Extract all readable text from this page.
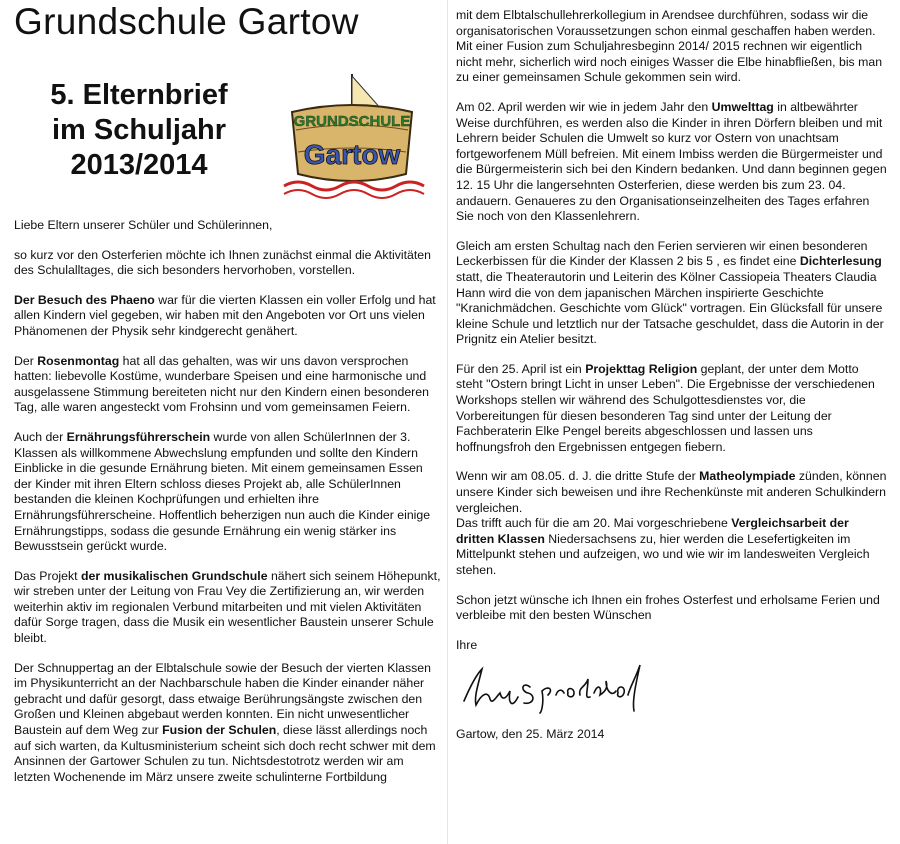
Grundschule Gartow

Liebe Eltern unserer Schüler und Schülerinnen,

so kurz vor den Osterferien möchte ich Ihnen zunächst einmal die Aktivitäten des Schulalltages, die sich besonders hervorhoben, vorstellen.

Der Besuch des Phaeno war für die vierten Klassen ein voller Erfolg und hat allen Kindern viel gegeben, wir haben mit den Angeboten vor Ort uns vielen Phänomenen der Physik sehr kindgerecht genähert.

Der Rosenmontag hat all das gehalten, was wir uns davon versprochen hatten: liebevolle Kostüme, wunderbare Speisen und eine harmonische und ausgelassene Stimmung bereiteten nicht nur den Kindern einen besonderen Tag, alle waren angesteckt vom Frohsinn und vom gemeinsamen Feiern.

Auch der Ernährungsführerschein wurde von allen SchülerInnen der 3. Klassen als willkommene Abwechslung empfunden und sollte den Kindern Einblicke in die gesunde Ernährung bieten. Mit einem gemeinsamen Essen der Kinder mit ihren Eltern schloss dieses Projekt ab, alle SchülerInnen bestanden die kleinen Kochprüfungen und erhielten ihre Ernährungsführerscheine. Hoffentlich beherzigen nun auch die Kinder einige Ernährungstipps, sodass die gesunde Ernährung ein wenig stärker ins Bewusstsein gerückt wurde.

Das Projekt der musikalischen Grundschule nähert sich seinem Höhepunkt, wir streben unter der Leitung von Frau Vey die Zertifizierung an, wir werden weiterhin aktiv im regionalen Verbund mitarbeiten und mit vielen Aktivitäten dafür Sorge tragen, dass die Musik ein wesentlicher Baustein unserer Schule bleibt.

Der Schnuppertag an der Elbtalschule sowie der Besuch der vierten Klassen im Physikunterricht an der Nachbarschule haben die Kinder einander näher gebracht und dafür gesorgt, dass etwaige Berührungsängste zwischen den Großen und Kleinen abgebaut werden konnten. Ein nicht unwesentlicher Baustein auf dem Weg zur Fusion der Schulen, diese lässt allerdings noch auf sich warten, da Kultusministerium scheint sich doch recht schwer mit dem Ansinnen der Gartower Schulen zu tun. Nichtsdestotrotz werden wir am letzten Wochenende im März unsere zweite schulinterne Fortbildung

5. Elternbrief
im Schuljahr
2013/2014
GRUNDSCHULE
Gartow

mit dem Elbtalschullehrerkollegium in Arendsee durchführen, sodass wir die organisatorischen Voraussetzungen schon einmal geschaffen haben werden. Mit einer Fusion zum Schuljahresbeginn 2014/ 2015 rechnen wir eigentlich nicht mehr, sicherlich wird noch einiges Wasser die Elbe hinabfließen, bis man zu einer gemeinsamen Schule gekommen sein wird.

Am 02. April werden wir wie in jedem Jahr den Umwelttag in altbewährter Weise durchführen, es werden also die Kinder in ihren Dörfern bleiben und mit Lehrern beider Schulen die Umwelt so kurz vor Ostern von unachtsam fortgeworfenem Müll befreien. Mit einem Imbiss werden die Bürgermeister und die Bürgermeisterin sich bei den Kindern bedanken. Und dann beginnen gegen 12. 15 Uhr die langersehnten Osterferien, diese werden bis zum 23. 04. andauern. Genaueres zu den Organisationseinzelheiten des Tages erfahren Sie noch von den Klassenlehrern.

Gleich am ersten Schultag nach den Ferien servieren wir einen besonderen Leckerbissen für die Kinder der Klassen 2 bis 5 , es findet eine Dichterlesung statt, die Theaterautorin und Leiterin des Kölner Cassiopeia Theaters Claudia Hann wird die von dem japanischen Märchen inspirierte Geschichte "Kranichmädchen. Geschichte vom Glück" vortragen. Ein Glücksfall für unsere kleine Schule und letztlich nur der Tatsache geschuldet, dass die Autorin in der Prignitz ein Atelier besitzt.

Für den 25. April ist ein Projekttag Religion geplant, der unter dem Motto steht "Ostern bringt Licht in unser Leben". Die Ergebnisse der verschiedenen Workshops stellen wir während des Schulgottesdienstes vor, die Vorbereitungen für diesen besonderen Tag sind unter der Leitung der Fachberaterin Elke Pengel bereits abgeschlossen und lassen uns hoffnungsfroh den Ergebnissen entgegen fiebern.

Wenn wir am 08.05. d. J. die dritte Stufe der Matheolympiade zünden, können unsere Kinder sich beweisen und ihre Rechenkünste mit anderen Schulkindern vergleichen.
Das trifft auch für die am 20. Mai vorgeschriebene Vergleichsarbeit der dritten Klassen Niedersachsens zu, hier werden die Lesefertigkeiten im Mittelpunkt stehen und aufzeigen, wo und wie wir im landesweiten Vergleich stehen.

Schon jetzt wünsche ich Ihnen ein frohes Osterfest und erholsame Ferien und verbleibe mit den besten Wünschen

Ihre

Gartow, den 25. März 2014
